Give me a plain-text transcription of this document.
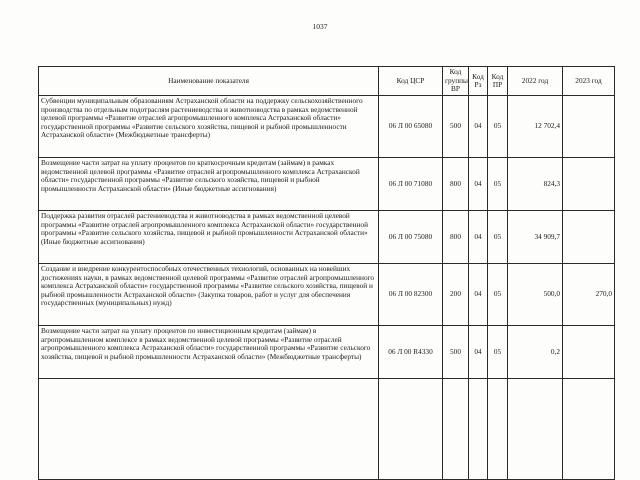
1037
Наименование показателя	Код ЦСР	Код группы ВР	Код Рз	Код ПР	2022 год	2023 год
Субвенции муниципальным образованиям Астраханской области на поддержку сельскохозяйственного производства по отдельным подотраслям растениеводства и животноводства в рамках ведомственной целевой программы «Развитие отраслей агропромышленного комплекса Астраханской области» государственной программы «Развитие сельского хозяйства, пищевой и рыбной промышленности Астраханской области» (Межбюджетные трансферты)	06 Л 00 65080	500	04	05	12 702,4	
Возмещение части затрат на уплату процентов по краткосрочным кредитам (займам) в рамках ведомственной целевой программы «Развитие отраслей агропромышленного комплекса Астраханской области» государственной программы «Развитие сельского хозяйства, пищевой и рыбной промышленности Астраханской области» (Иные бюджетные ассигнования)	06 Л 00 71080	800	04	05	824,3	
Поддержка развития отраслей растениеводства и животноводства в рамках ведомственной целевой программы «Развитие отраслей агропромышленного комплекса Астраханской области» государственной программы «Развитие сельского хозяйства, пищевой и рыбной промышленности Астраханской области» (Иные бюджетные ассигнования)	06 Л 00 75080	800	04	05	34 909,7	
Создание и внедрение конкурентоспособных отечественных технологий, основанных на новейших достижениях науки, в рамках ведомственной целевой программы «Развитие отраслей агропромышленного комплекса Астраханской области» государственной программы «Развитие сельского хозяйства, пищевой и рыбной промышленности Астраханской области» (Закупка товаров, работ и услуг для обеспечения государственных (муниципальных) нужд)	06 Л 00 82300	200	04	05	500,0	270,0
Возмещение части затрат на уплату процентов по инвестиционным кредитам (займам) в агропромышленном комплексе в рамках ведомственной целевой программы «Развитие отраслей агропромышленного комплекса Астраханской области» государственной программы «Развитие сельского хозяйства, пищевой и рыбной промышленности Астраханской области» (Межбюджетные трансферты)	06 Л 00 R4330	500	04	05	0,2	
